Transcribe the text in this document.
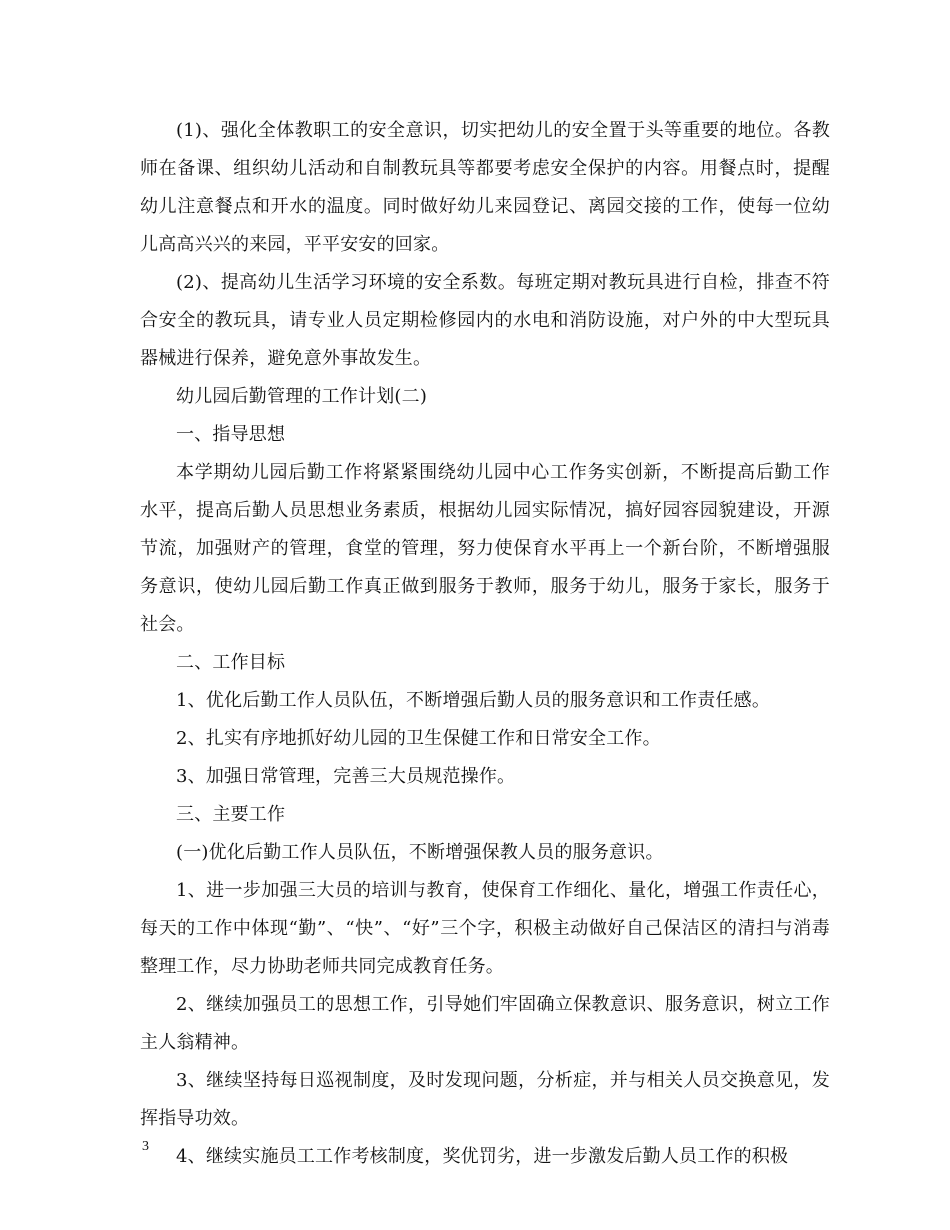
(1)、强化全体教职工的安全意识，切实把幼儿的安全置于头等重要的地位。各教师在备课、组织幼儿活动和自制教玩具等都要考虑安全保护的内容。用餐点时，提醒幼儿注意餐点和开水的温度。同时做好幼儿来园登记、离园交接的工作，使每一位幼儿高高兴兴的来园，平平安安的回家。

(2)、提高幼儿生活学习环境的安全系数。每班定期对教玩具进行自检，排查不符合安全的教玩具，请专业人员定期检修园内的水电和消防设施，对户外的中大型玩具器械进行保养，避免意外事故发生。

幼儿园后勤管理的工作计划(二)

一、指导思想

本学期幼儿园后勤工作将紧紧围绕幼儿园中心工作务实创新，不断提高后勤工作水平，提高后勤人员思想业务素质，根据幼儿园实际情况，搞好园容园貌建设，开源节流，加强财产的管理，食堂的管理，努力使保育水平再上一个新台阶，不断增强服务意识，使幼儿园后勤工作真正做到服务于教师，服务于幼儿，服务于家长，服务于社会。

二、工作目标

1、优化后勤工作人员队伍，不断增强后勤人员的服务意识和工作责任感。

2、扎实有序地抓好幼儿园的卫生保健工作和日常安全工作。

3、加强日常管理，完善三大员规范操作。

三、主要工作

(一)优化后勤工作人员队伍，不断增强保教人员的服务意识。

1、进一步加强三大员的培训与教育，使保育工作细化、量化，增强工作责任心，每天的工作中体现“勤”、“快”、“好”三个字，积极主动做好自己保洁区的清扫与消毒整理工作，尽力协助老师共同完成教育任务。

2、继续加强员工的思想工作，引导她们牢固确立保教意识、服务意识，树立工作主人翁精神。

3、继续坚持每日巡视制度，及时发现问题，分析症，并与相关人员交换意见，发挥指导功效。

4、继续实施员工工作考核制度，奖优罚劣，进一步激发后勤人员工作的积极

3
